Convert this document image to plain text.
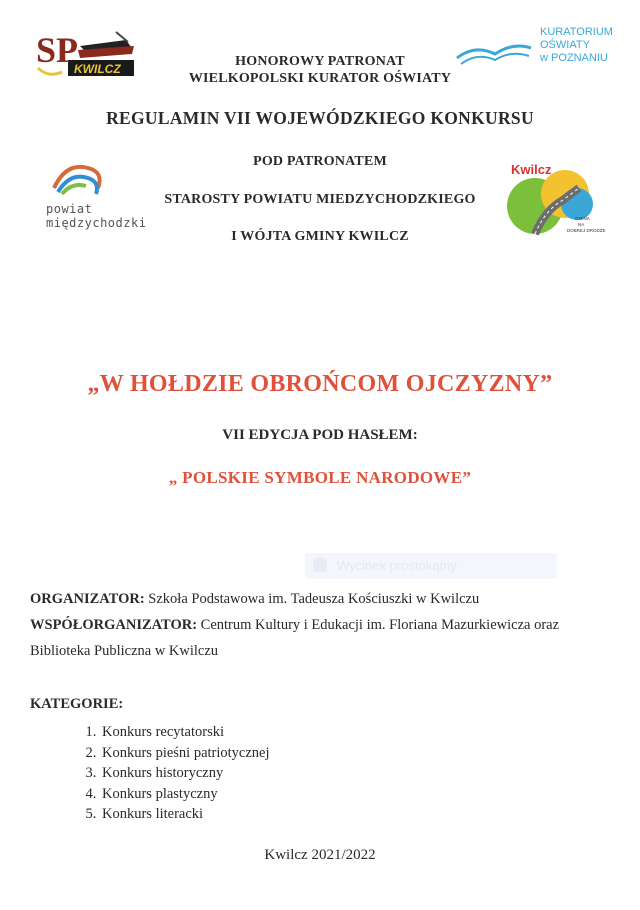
SP
KWILCZ
KURATORIUM
OŚWIATY
w POZNANIU
HONOROWY PATRONAT
WIELKOPOLSKI KURATOR OŚWIATY
REGULAMIN VII WOJEWÓDZKIEGO KONKURSU
POD PATRONATEM
STAROSTY POWIATU MIEDZYCHODZKIEGO
I WÓJTA GMINY KWILCZ
powiat
międzychodzki
Kwilcz
GMINA
NA
DOBREJ DRODZE
„W HOŁDZIE OBROŃCOM OJCZYZNY”
VII EDYCJA POD HASŁEM:
„ POLSKIE SYMBOLE NARODOWE”
Wycinek prostokątny
ORGANIZATOR: Szkoła Podstawowa im. Tadeusza Kościuszki w Kwilczu
WSPÓŁORGANIZATOR: Centrum Kultury i Edukacji im. Floriana Mazurkiewicza oraz
Biblioteka Publiczna w Kwilczu
KATEGORIE:
1. Konkurs recytatorski
2. Konkurs pieśni patriotycznej
3. Konkurs historyczny
4. Konkurs plastyczny
5. Konkurs literacki
Kwilcz 2021/2022
